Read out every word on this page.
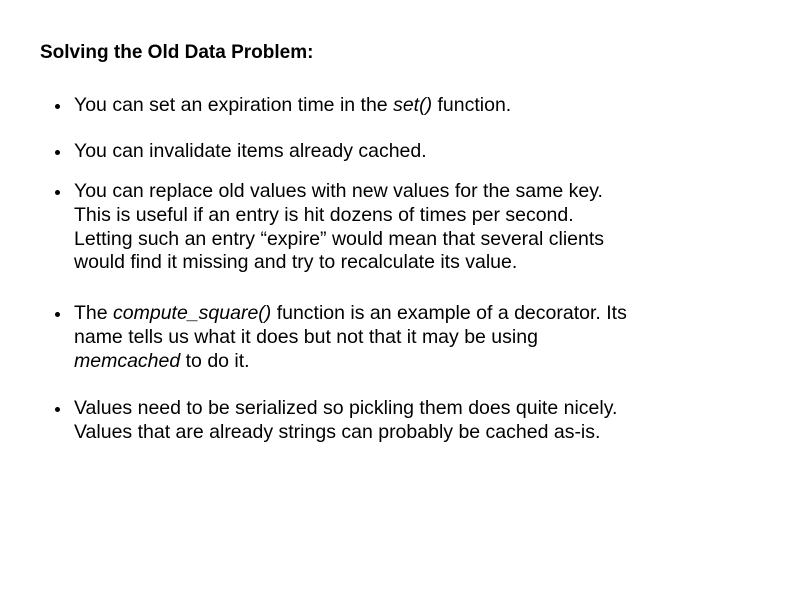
Solving the Old Data Problem:
You can set an expiration time in the set() function.
You can invalidate items already cached.
You can replace old values with new values for the same key.
This is useful if an entry is hit dozens of times per second.
Letting such an entry “expire” would mean that several clients
would find it missing and try to recalculate its value.
The compute_square() function is an example of a decorator. Its
name tells us what it does but not that it may be using
memcached to do it.
Values need to be serialized so pickling them does quite nicely.
Values that are already strings can probably be cached as-is.
